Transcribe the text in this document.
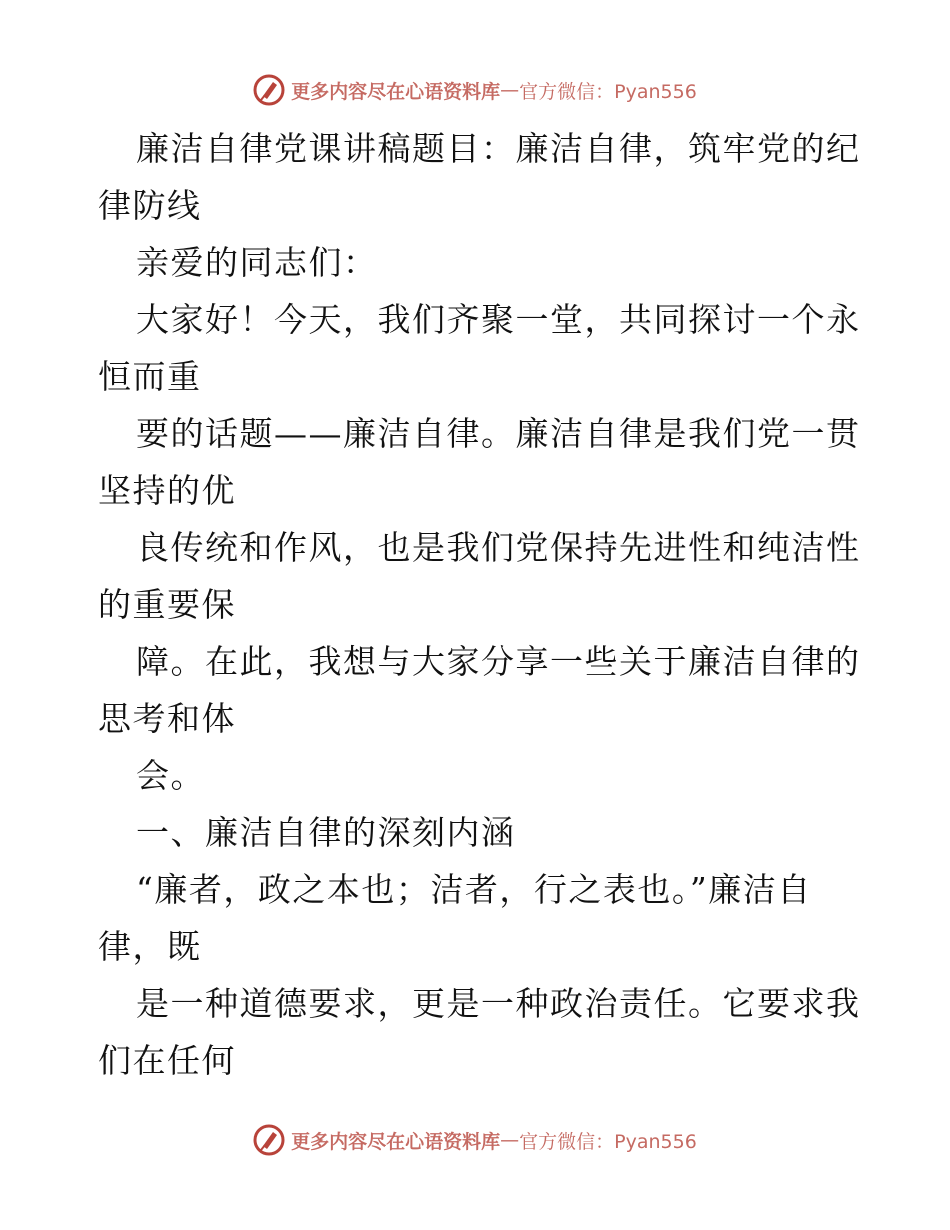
更多内容尽在心语资料库 — 官方微信：Pyan556
廉洁自律党课讲稿题目：廉洁自律，筑牢党的纪
律防线
亲爱的同志们：
大家好！今天，我们齐聚一堂，共同探讨一个永
恒而重
要的话题——廉洁自律。廉洁自律是我们党一贯
坚持的优
良传统和作风，也是我们党保持先进性和纯洁性
的重要保
障。在此，我想与大家分享一些关于廉洁自律的
思考和体
会。
一、廉洁自律的深刻内涵
“廉者，政之本也；洁者，行之表也。”廉洁自
律，既
是一种道德要求，更是一种政治责任。它要求我
们在任何
更多内容尽在心语资料库 — 官方微信：Pyan556
